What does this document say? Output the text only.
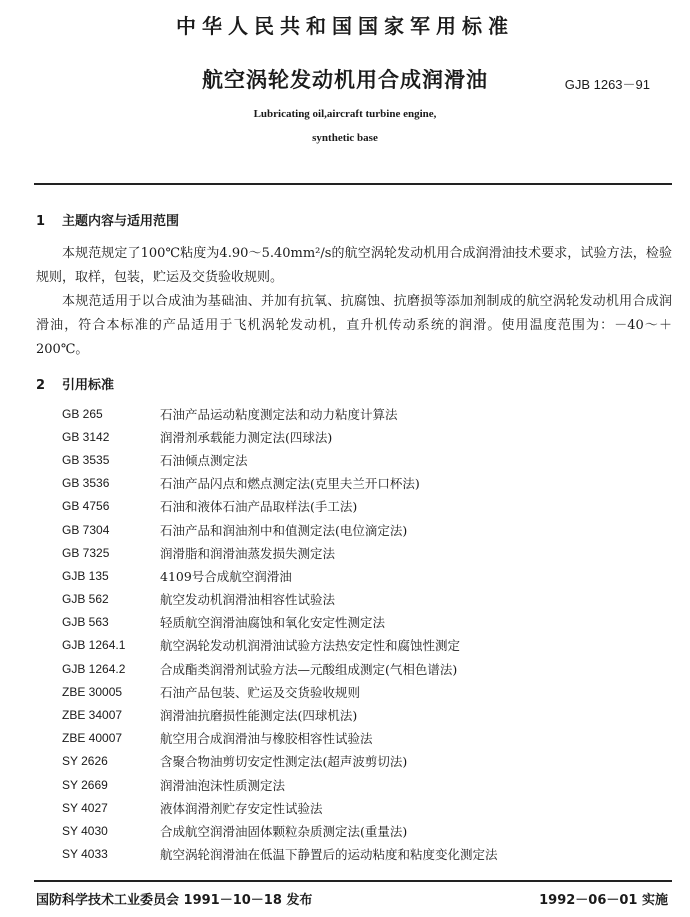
中华人民共和国国家军用标准
航空涡轮发动机用合成润滑油	GJB 1263－91
Lubricating oil,aircraft turbine engine,
synthetic base
1 主题内容与适用范围

本规范规定了100℃粘度为4.90～5.40mm²/s的航空涡轮发动机用合成润滑油技术要求，试验方法，检验规则，取样，包装，贮运及交货验收规则。

本规范适用于以合成油为基础油、并加有抗氧、抗腐蚀、抗磨损等添加剂制成的航空涡轮发动机用合成润滑油，符合本标准的产品适用于飞机涡轮发动机，直升机传动系统的润滑。使用温度范围为：－40～＋200℃。

2 引用标准
GB 265	石油产品运动粘度测定法和动力粘度计算法
GB 3142	润滑剂承载能力测定法(四球法)
GB 3535	石油倾点测定法
GB 3536	石油产品闪点和燃点测定法(克里夫兰开口杯法)
GB 4756	石油和液体石油产品取样法(手工法)
GB 7304	石油产品和润油剂中和值测定法(电位滴定法)
GB 7325	润滑脂和润滑油蒸发损失测定法
GJB 135	4109号合成航空润滑油
GJB 562	航空发动机润滑油相容性试验法
GJB 563	轻质航空润滑油腐蚀和氧化安定性测定法
GJB 1264.1	航空涡轮发动机润滑油试验方法热安定性和腐蚀性测定
GJB 1264.2	合成酯类润滑剂试验方法—元酸组成测定(气相色谱法)
ZBE 30005	石油产品包装、贮运及交货验收规则
ZBE 34007	润滑油抗磨损性能测定法(四球机法)
ZBE 40007	航空用合成润滑油与橡胶相容性试验法
SY 2626	含聚合物油剪切安定性测定法(超声波剪切法)
SY 2669	润滑油泡沫性质测定法
SY 4027	液体润滑剂贮存安定性试验法
SY 4030	合成航空润滑油固体颗粒杂质测定法(重量法)
SY 4033	航空涡轮润滑油在低温下静置后的运动粘度和粘度变化测定法
国防科学技术工业委员会 1991－10－18 发布	1992－06－01 实施
